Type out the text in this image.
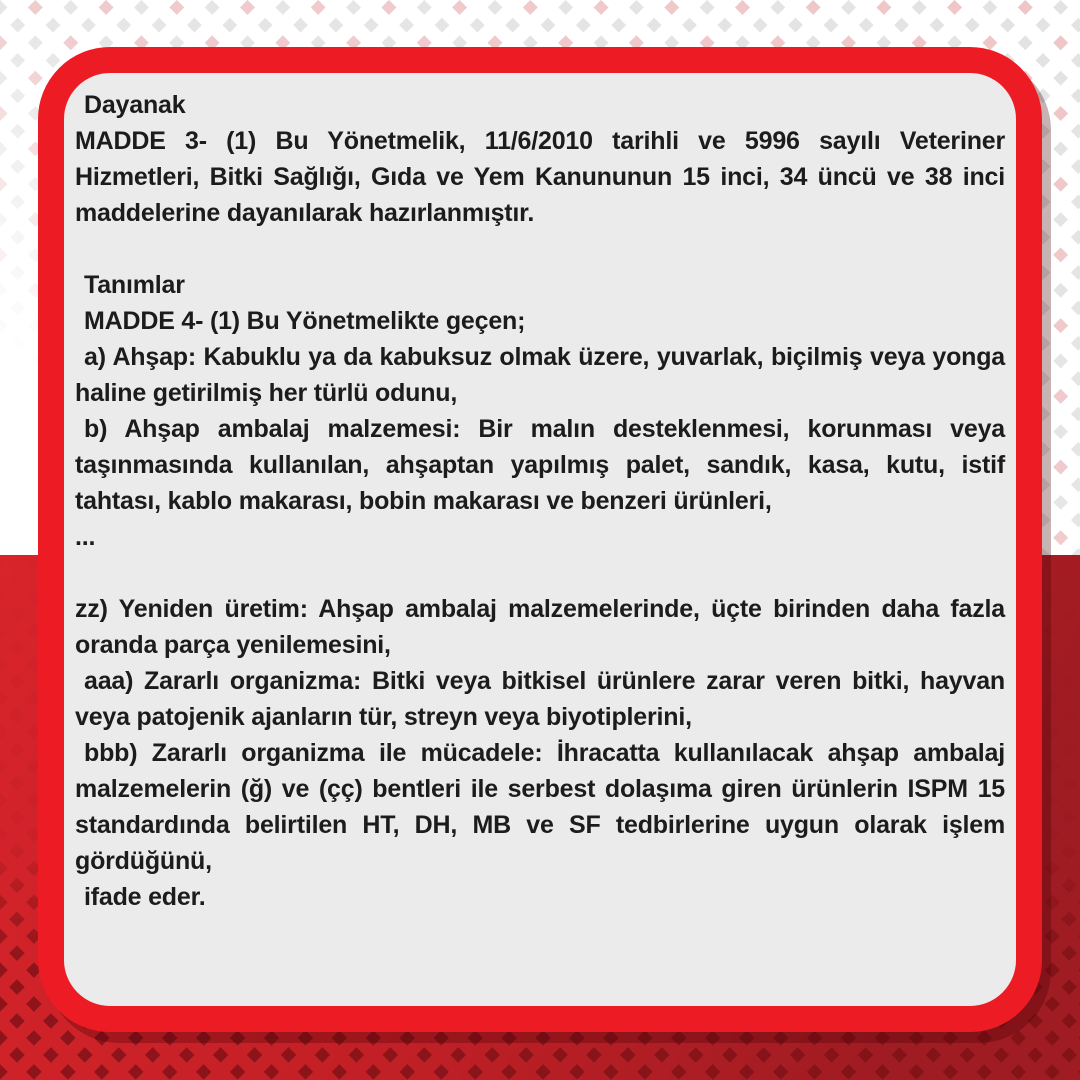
Dayanak

MADDE 3- (1) Bu Yönetmelik, 11/6/2010 tarihli ve 5996 sayılı Veteriner Hizmetleri, Bitki Sağlığı, Gıda ve Yem Kanununun 15 inci, 34 üncü ve 38 inci maddelerine dayanılarak hazırlanmıştır.

Tanımlar

MADDE 4- (1) Bu Yönetmelikte geçen;

a) Ahşap: Kabuklu ya da kabuksuz olmak üzere, yuvarlak, biçilmiş veya yonga haline getirilmiş her türlü odunu,

b) Ahşap ambalaj malzemesi: Bir malın desteklenmesi, korunması veya taşınmasında kullanılan, ahşaptan yapılmış palet, sandık, kasa, kutu, istif tahtası, kablo makarası, bobin makarası ve benzeri ürünleri,

...

zz) Yeniden üretim: Ahşap ambalaj malzemelerinde, üçte birinden daha fazla oranda parça yenilemesini,

aaa) Zararlı organizma: Bitki veya bitkisel ürünlere zarar veren bitki, hayvan veya patojenik ajanların tür, streyn veya biyotiplerini,

bbb) Zararlı organizma ile mücadele: İhracatta kullanılacak ahşap ambalaj malzemelerin (ğ) ve (çç) bentleri ile serbest dolaşıma giren ürünlerin ISPM 15 standardında belirtilen HT, DH, MB ve SF tedbirlerine uygun olarak işlem gördüğünü,

ifade eder.
